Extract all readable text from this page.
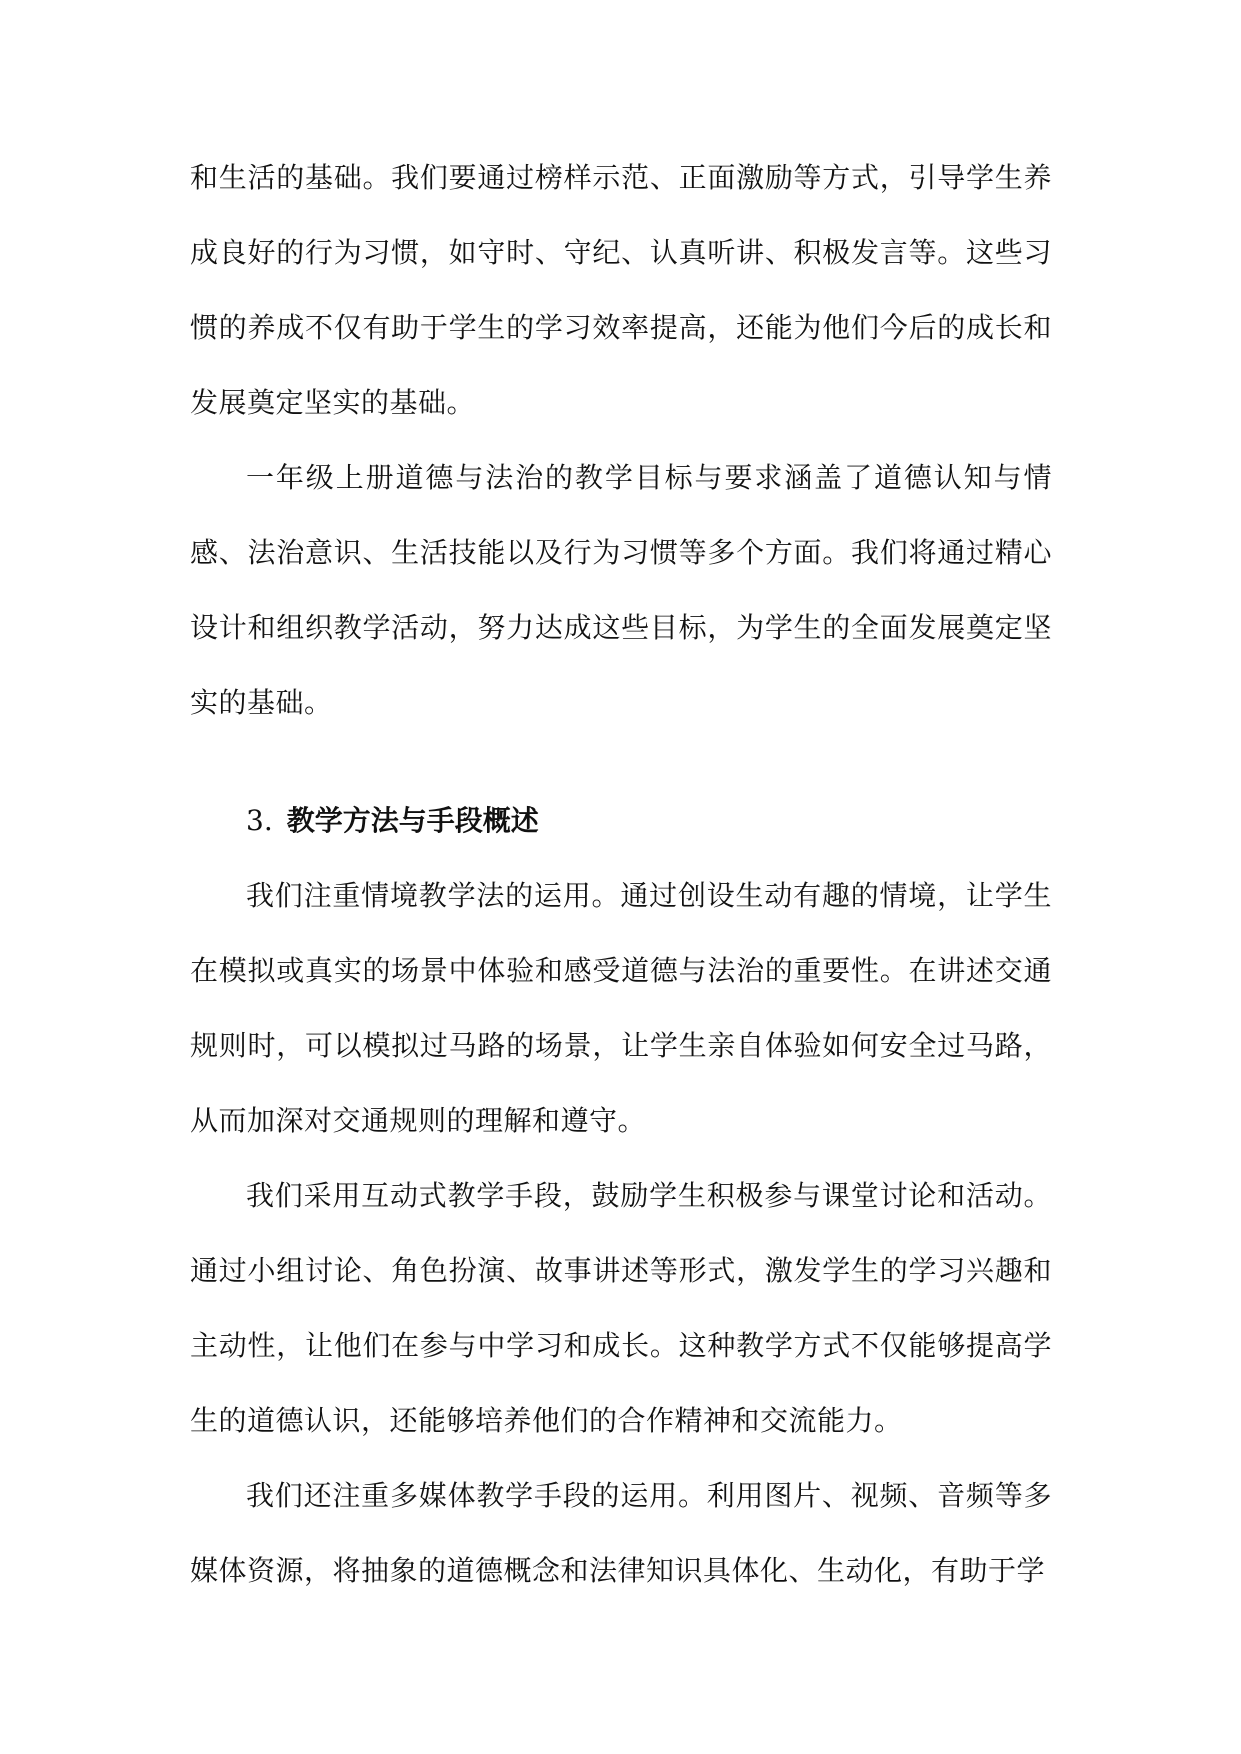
和生活的基础。我们要通过榜样示范、正面激励等方式，引导学生养成良好的行为习惯，如守时、守纪、认真听讲、积极发言等。这些习惯的养成不仅有助于学生的学习效率提高，还能为他们今后的成长和发展奠定坚实的基础。

一年级上册道德与法治的教学目标与要求涵盖了道德认知与情感、法治意识、生活技能以及行为习惯等多个方面。我们将通过精心设计和组织教学活动，努力达成这些目标，为学生的全面发展奠定坚实的基础。

3. 教学方法与手段概述

我们注重情境教学法的运用。通过创设生动有趣的情境，让学生在模拟或真实的场景中体验和感受道德与法治的重要性。在讲述交通规则时，可以模拟过马路的场景，让学生亲自体验如何安全过马路，从而加深对交通规则的理解和遵守。

我们采用互动式教学手段，鼓励学生积极参与课堂讨论和活动。通过小组讨论、角色扮演、故事讲述等形式，激发学生的学习兴趣和主动性，让他们在参与中学习和成长。这种教学方式不仅能够提高学生的道德认识，还能够培养他们的合作精神和交流能力。

我们还注重多媒体教学手段的运用。利用图片、视频、音频等多媒体资源，将抽象的道德概念和法律知识具体化、生动化，有助于学
